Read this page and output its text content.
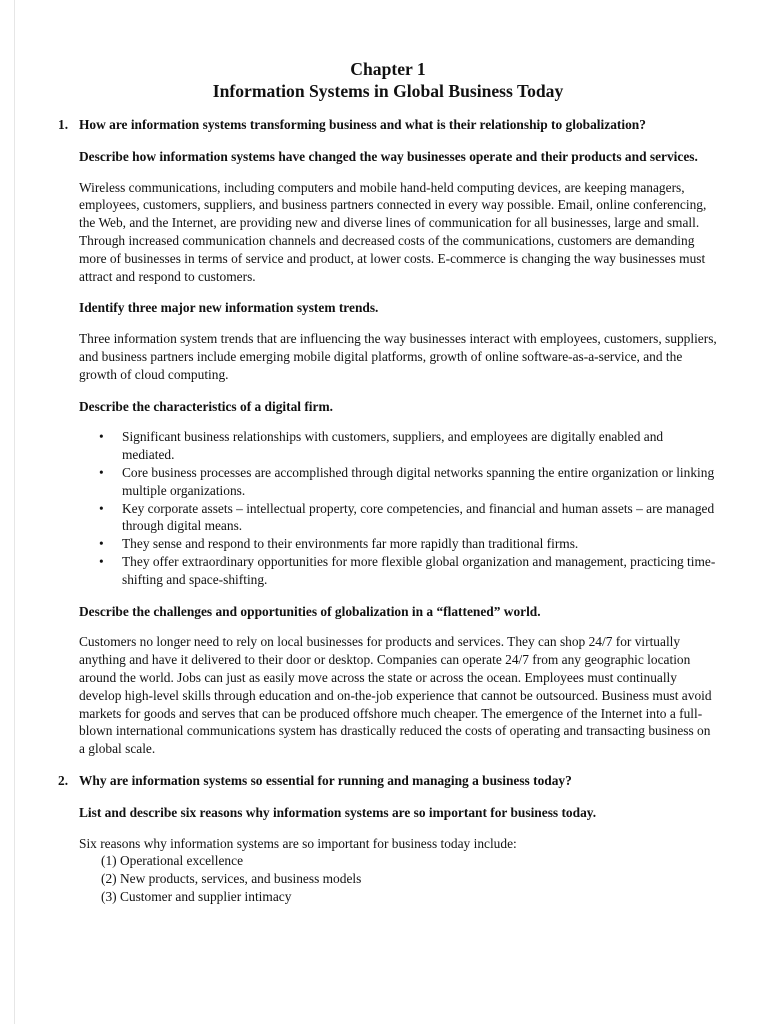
Chapter 1
Information Systems in Global Business Today
1. How are information systems transforming business and what is their relationship to globalization?
Describe how information systems have changed the way businesses operate and their products and services.
Wireless communications, including computers and mobile hand-held computing devices, are keeping managers, employees, customers, suppliers, and business partners connected in every way possible. Email, online conferencing, the Web, and the Internet, are providing new and diverse lines of communication for all businesses, large and small. Through increased communication channels and decreased costs of the communications, customers are demanding more of businesses in terms of service and product, at lower costs. E-commerce is changing the way businesses must attract and respond to customers.
Identify three major new information system trends.
Three information system trends that are influencing the way businesses interact with employees, customers, suppliers, and business partners include emerging mobile digital platforms, growth of online software-as-a-service, and the growth of cloud computing.
Describe the characteristics of a digital firm.
• Significant business relationships with customers, suppliers, and employees are digitally enabled and mediated.
• Core business processes are accomplished through digital networks spanning the entire organization or linking multiple organizations.
• Key corporate assets – intellectual property, core competencies, and financial and human assets – are managed through digital means.
• They sense and respond to their environments far more rapidly than traditional firms.
• They offer extraordinary opportunities for more flexible global organization and management, practicing time-shifting and space-shifting.
Describe the challenges and opportunities of globalization in a “flattened” world.
Customers no longer need to rely on local businesses for products and services. They can shop 24/7 for virtually anything and have it delivered to their door or desktop. Companies can operate 24/7 from any geographic location around the world. Jobs can just as easily move across the state or across the ocean. Employees must continually develop high-level skills through education and on-the-job experience that cannot be outsourced. Business must avoid markets for goods and serves that can be produced offshore much cheaper. The emergence of the Internet into a full-blown international communications system has drastically reduced the costs of operating and transacting business on a global scale.
2. Why are information systems so essential for running and managing a business today?
List and describe six reasons why information systems are so important for business today.
Six reasons why information systems are so important for business today include:
(1) Operational excellence
(2) New products, services, and business models
(3) Customer and supplier intimacy
